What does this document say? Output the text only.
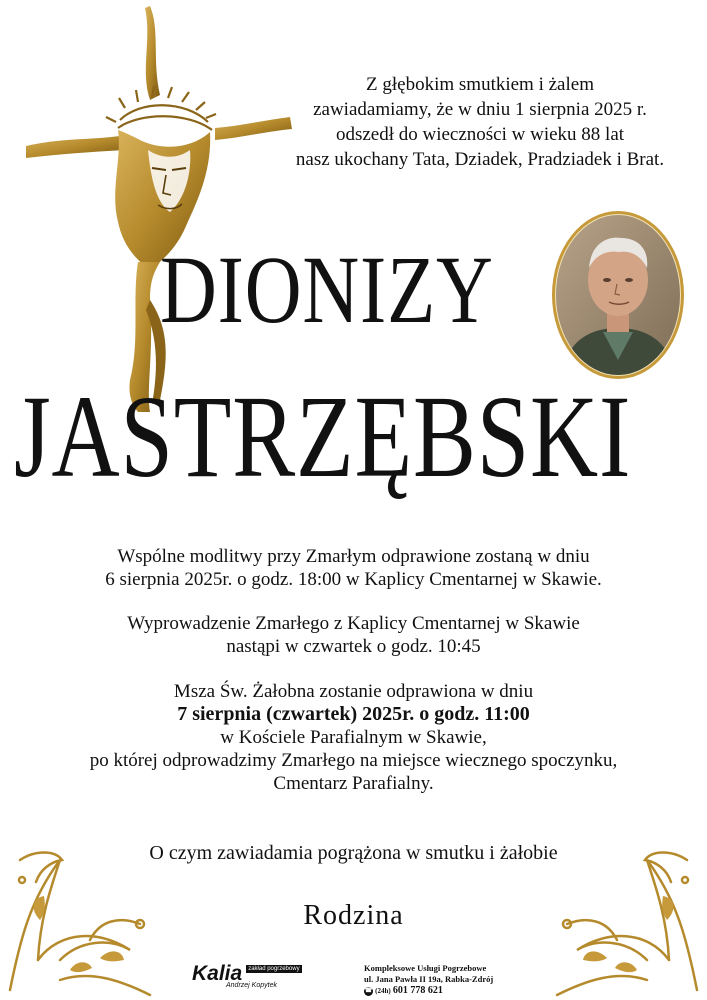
Z głębokim smutkiem i żalem
zawiadamiamy, że w dniu 1 sierpnia 2025 r.
odszedł do wieczności w wieku 88 lat
nasz ukochany Tata, Dziadek, Pradziadek i Brat.
DIONIZY
JASTRZĘBSKI
Wspólne modlitwy przy Zmarłym odprawione zostaną w dniu
6 sierpnia 2025r. o godz. 18:00 w Kaplicy Cmentarnej w Skawie.
Wyprowadzenie Zmarłego z Kaplicy Cmentarnej w Skawie
nastąpi w czwartek o godz. 10:45
Msza Św. Żałobna zostanie odprawiona w dniu
7 sierpnia (czwartek) 2025r. o godz. 11:00
w Kościele Parafialnym w Skawie,
po której odprowadzimy Zmarłego na miejsce wiecznego spoczynku,
Cmentarz Parafialny.
O czym zawiadamia pogrążona w smutku i żałobie
Rodzina
Kalia $^{zakład pogrzebowy}$
Andrzej Kopytek
Kompleksowe Usługi Pogrzebowe
ul. Jana Pawła II 19a, Rabka-Zdrój
☎ (24h) 601 778 621
